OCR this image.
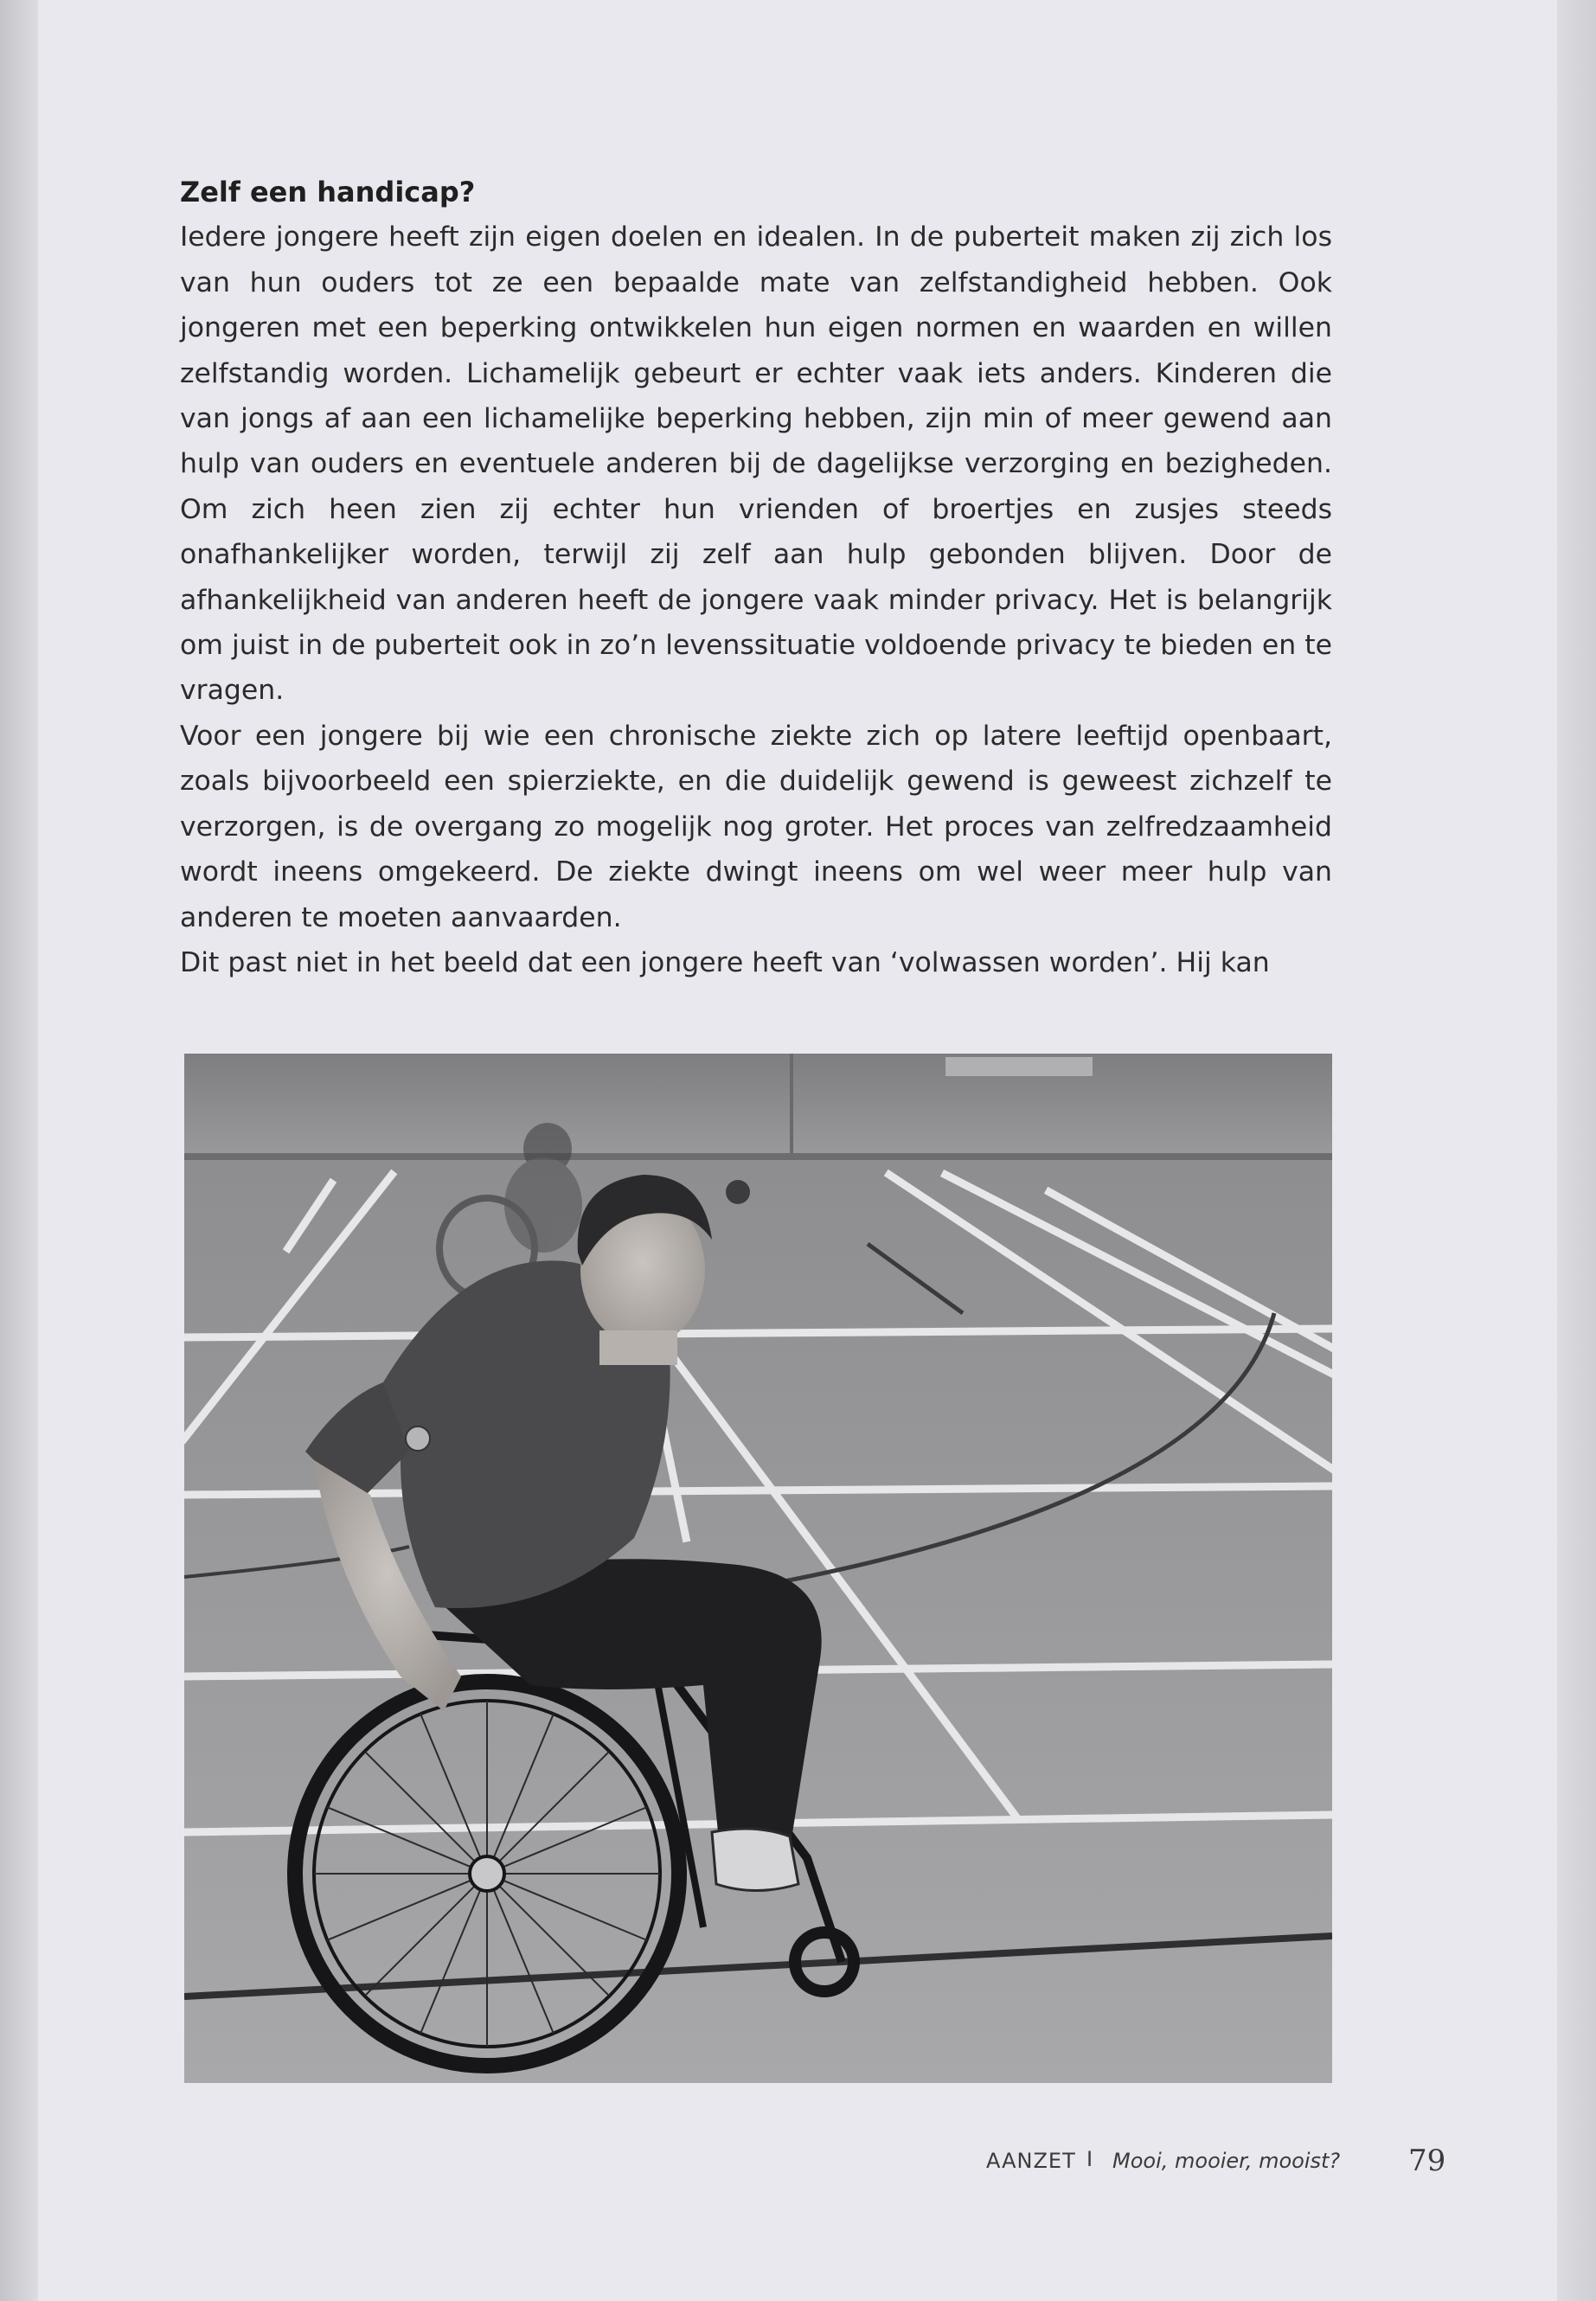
Zelf een handicap?

Iedere jongere heeft zijn eigen doelen en idealen. In de puberteit maken zij zich los van hun ouders tot ze een bepaalde mate van zelfstandigheid hebben. Ook jongeren met een beperking ontwikkelen hun eigen normen en waarden en willen zelfstandig worden. Lichamelijk gebeurt er echter vaak iets anders. Kinderen die van jongs af aan een lichamelijke beperking hebben, zijn min of meer gewend aan hulp van ouders en eventuele anderen bij de dagelijkse verzorging en bezigheden. Om zich heen zien zij echter hun vrienden of broertjes en zusjes steeds onafhankelijker worden, terwijl zij zelf aan hulp gebonden blijven. Door de afhankelijkheid van anderen heeft de jongere vaak minder privacy. Het is belangrijk om juist in de puberteit ook in zo’n levenssituatie voldoende privacy te bieden en te vragen.

Voor een jongere bij wie een chronische ziekte zich op latere leeftijd openbaart, zoals bijvoorbeeld een spierziekte, en die duidelijk gewend is geweest zichzelf te verzorgen, is de overgang zo mogelijk nog groter. Het proces van zelfredzaamheid wordt ineens omgekeerd. De ziekte dwingt ineens om wel weer meer hulp van anderen te moeten aanvaarden.

Dit past niet in het beeld dat een jongere heeft van ‘volwassen worden’. Hij kan

AANZET I Mooi, mooier, mooist? 79
